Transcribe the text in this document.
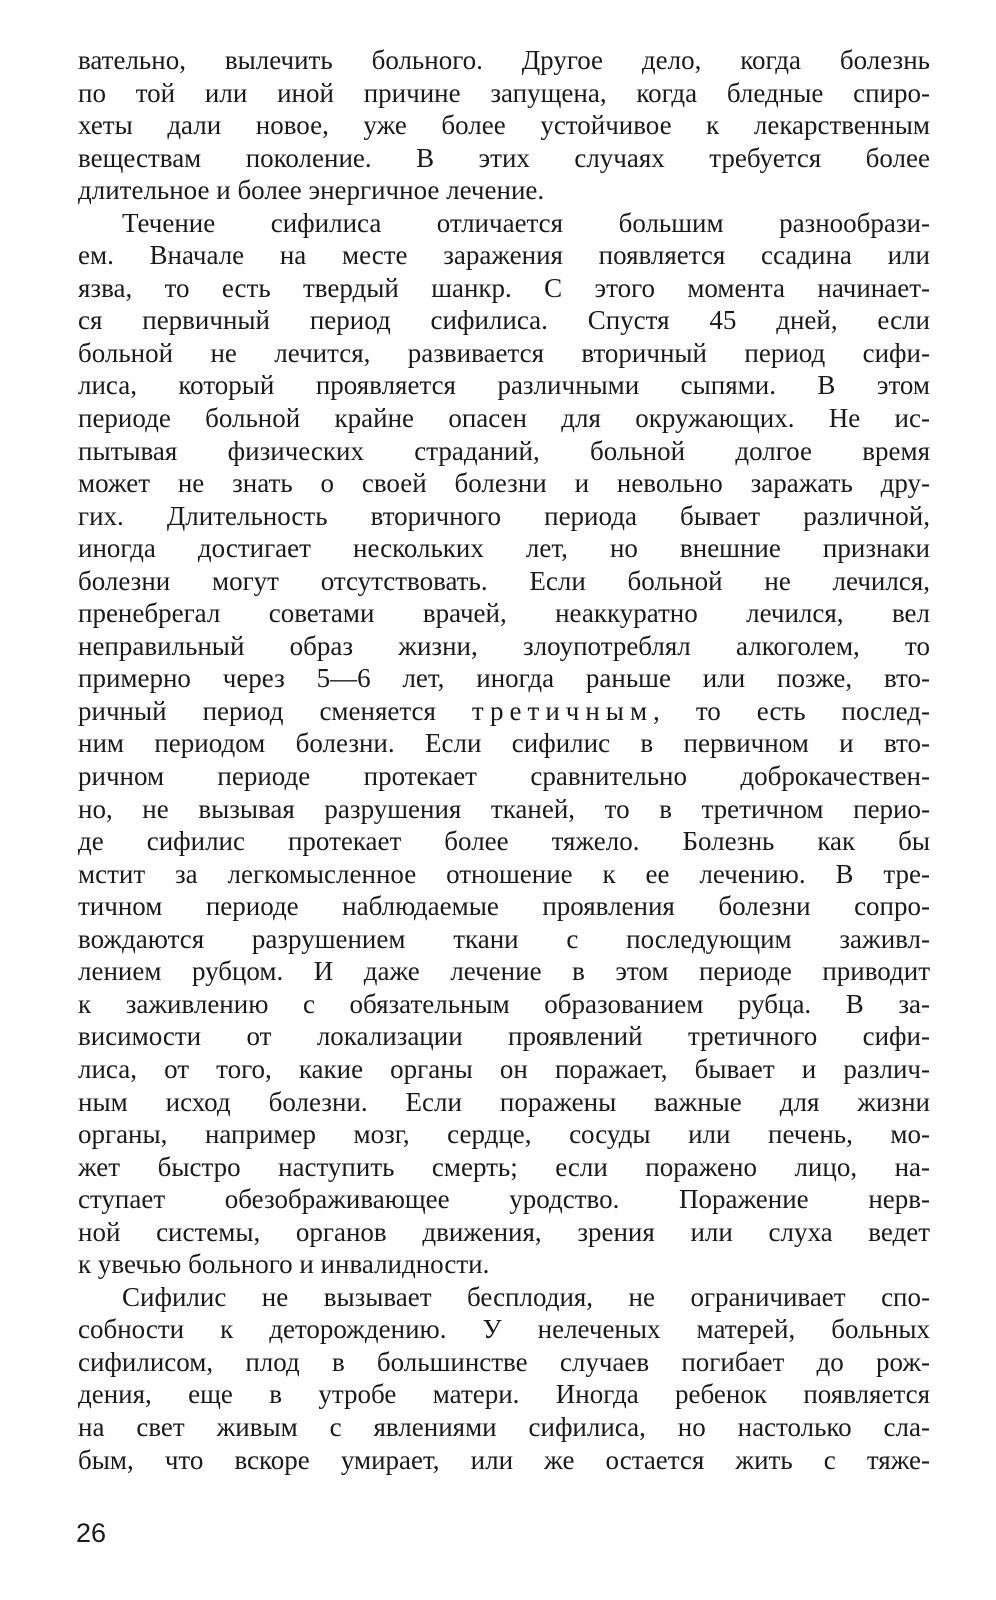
вательно, вылечить больного. Другое дело, когда болезнь
по той или иной причине запущена, когда бледные спиро-
хеты дали новое, уже более устойчивое к лекарственным
веществам поколение. В этих случаях требуется более
длительное и более энергичное лечение.

Течение сифилиса отличается большим разнообрази-
ем. Вначале на месте заражения появляется ссадина или
язва, то есть твердый шанкр. С этого момента начинает-
ся первичный период сифилиса. Спустя 45 дней, если
больной не лечится, развивается вторичный период сифи-
лиса, который проявляется различными сыпями. В этом
периоде больной крайне опасен для окружающих. Не ис-
пытывая физических страданий, больной долгое время
может не знать о своей болезни и невольно заражать дру-
гих. Длительность вторичного периода бывает различной,
иногда достигает нескольких лет, но внешние признаки
болезни могут отсутствовать. Если больной не лечился,
пренебрегал советами врачей, неаккуратно лечился, вел
неправильный образ жизни, злоупотреблял алкоголем, то
примерно через 5—6 лет, иногда раньше или позже, вто-
ричный период сменяется третичным, то есть послед-
ним периодом болезни. Если сифилис в первичном и вто-
ричном периоде протекает сравнительно доброкачествен-
но, не вызывая разрушения тканей, то в третичном перио-
де сифилис протекает более тяжело. Болезнь как бы
мстит за легкомысленное отношение к ее лечению. В тре-
тичном периоде наблюдаемые проявления болезни сопро-
вождаются разрушением ткани с последующим заживл-
лением рубцом. И даже лечение в этом периоде приводит
к заживлению с обязательным образованием рубца. В за-
висимости от локализации проявлений третичного сифи-
лиса, от того, какие органы он поражает, бывает и различ-
ным исход болезни. Если поражены важные для жизни
органы, например мозг, сердце, сосуды или печень, мо-
жет быстро наступить смерть; если поражено лицо, на-
ступает обезображивающее уродство. Поражение нерв-
ной системы, органов движения, зрения или слуха ведет
к увечью больного и инвалидности.

Сифилис не вызывает бесплодия, не ограничивает спо-
собности к деторождению. У нелеченых матерей, больных
сифилисом, плод в большинстве случаев погибает до рож-
дения, еще в утробе матери. Иногда ребенок появляется
на свет живым с явлениями сифилиса, но настолько сла-
бым, что вскоре умирает, или же остается жить с тяже-

26
